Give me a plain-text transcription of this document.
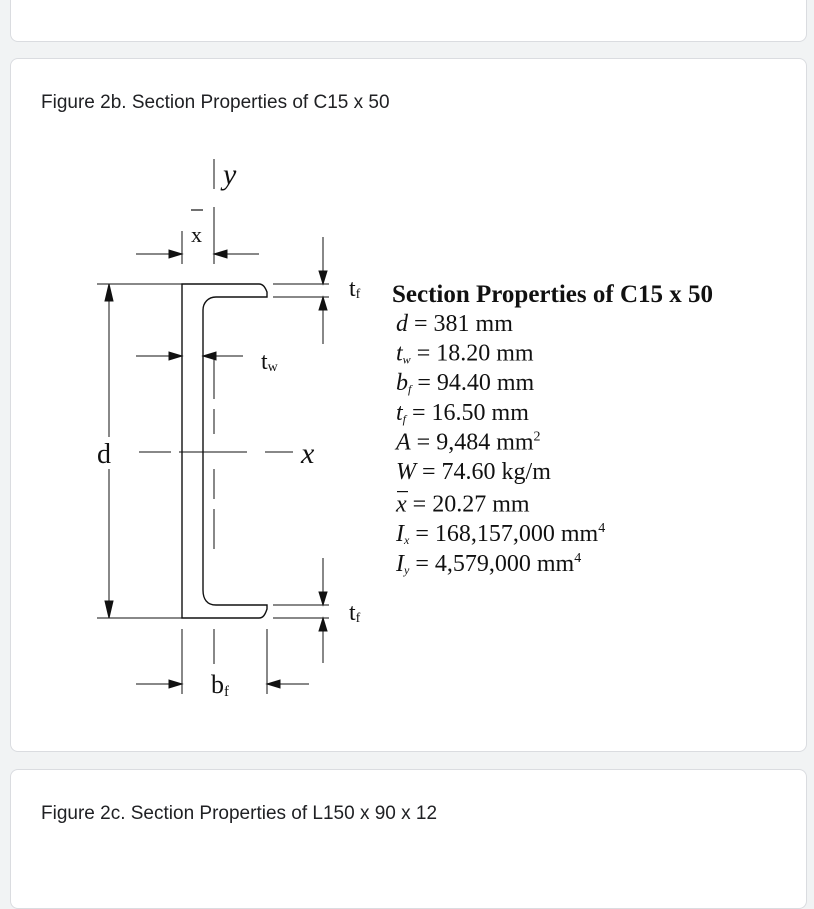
Figure 2b. Section Properties of C15 x 50
y
x
d	x
tw
tf
tf
bf
Section Properties of C15 x 50
d = 381 mm
tw = 18.20 mm
bf = 94.40 mm
tf = 16.50 mm
A = 9,484 $mm^2$
W = 74.60 kg/m
x = 20.27 mm
Ix = 168,157,000 $mm^4$
Iy = 4,579,000 $mm^4$
Figure 2c. Section Properties of L150 x 90 x 12
